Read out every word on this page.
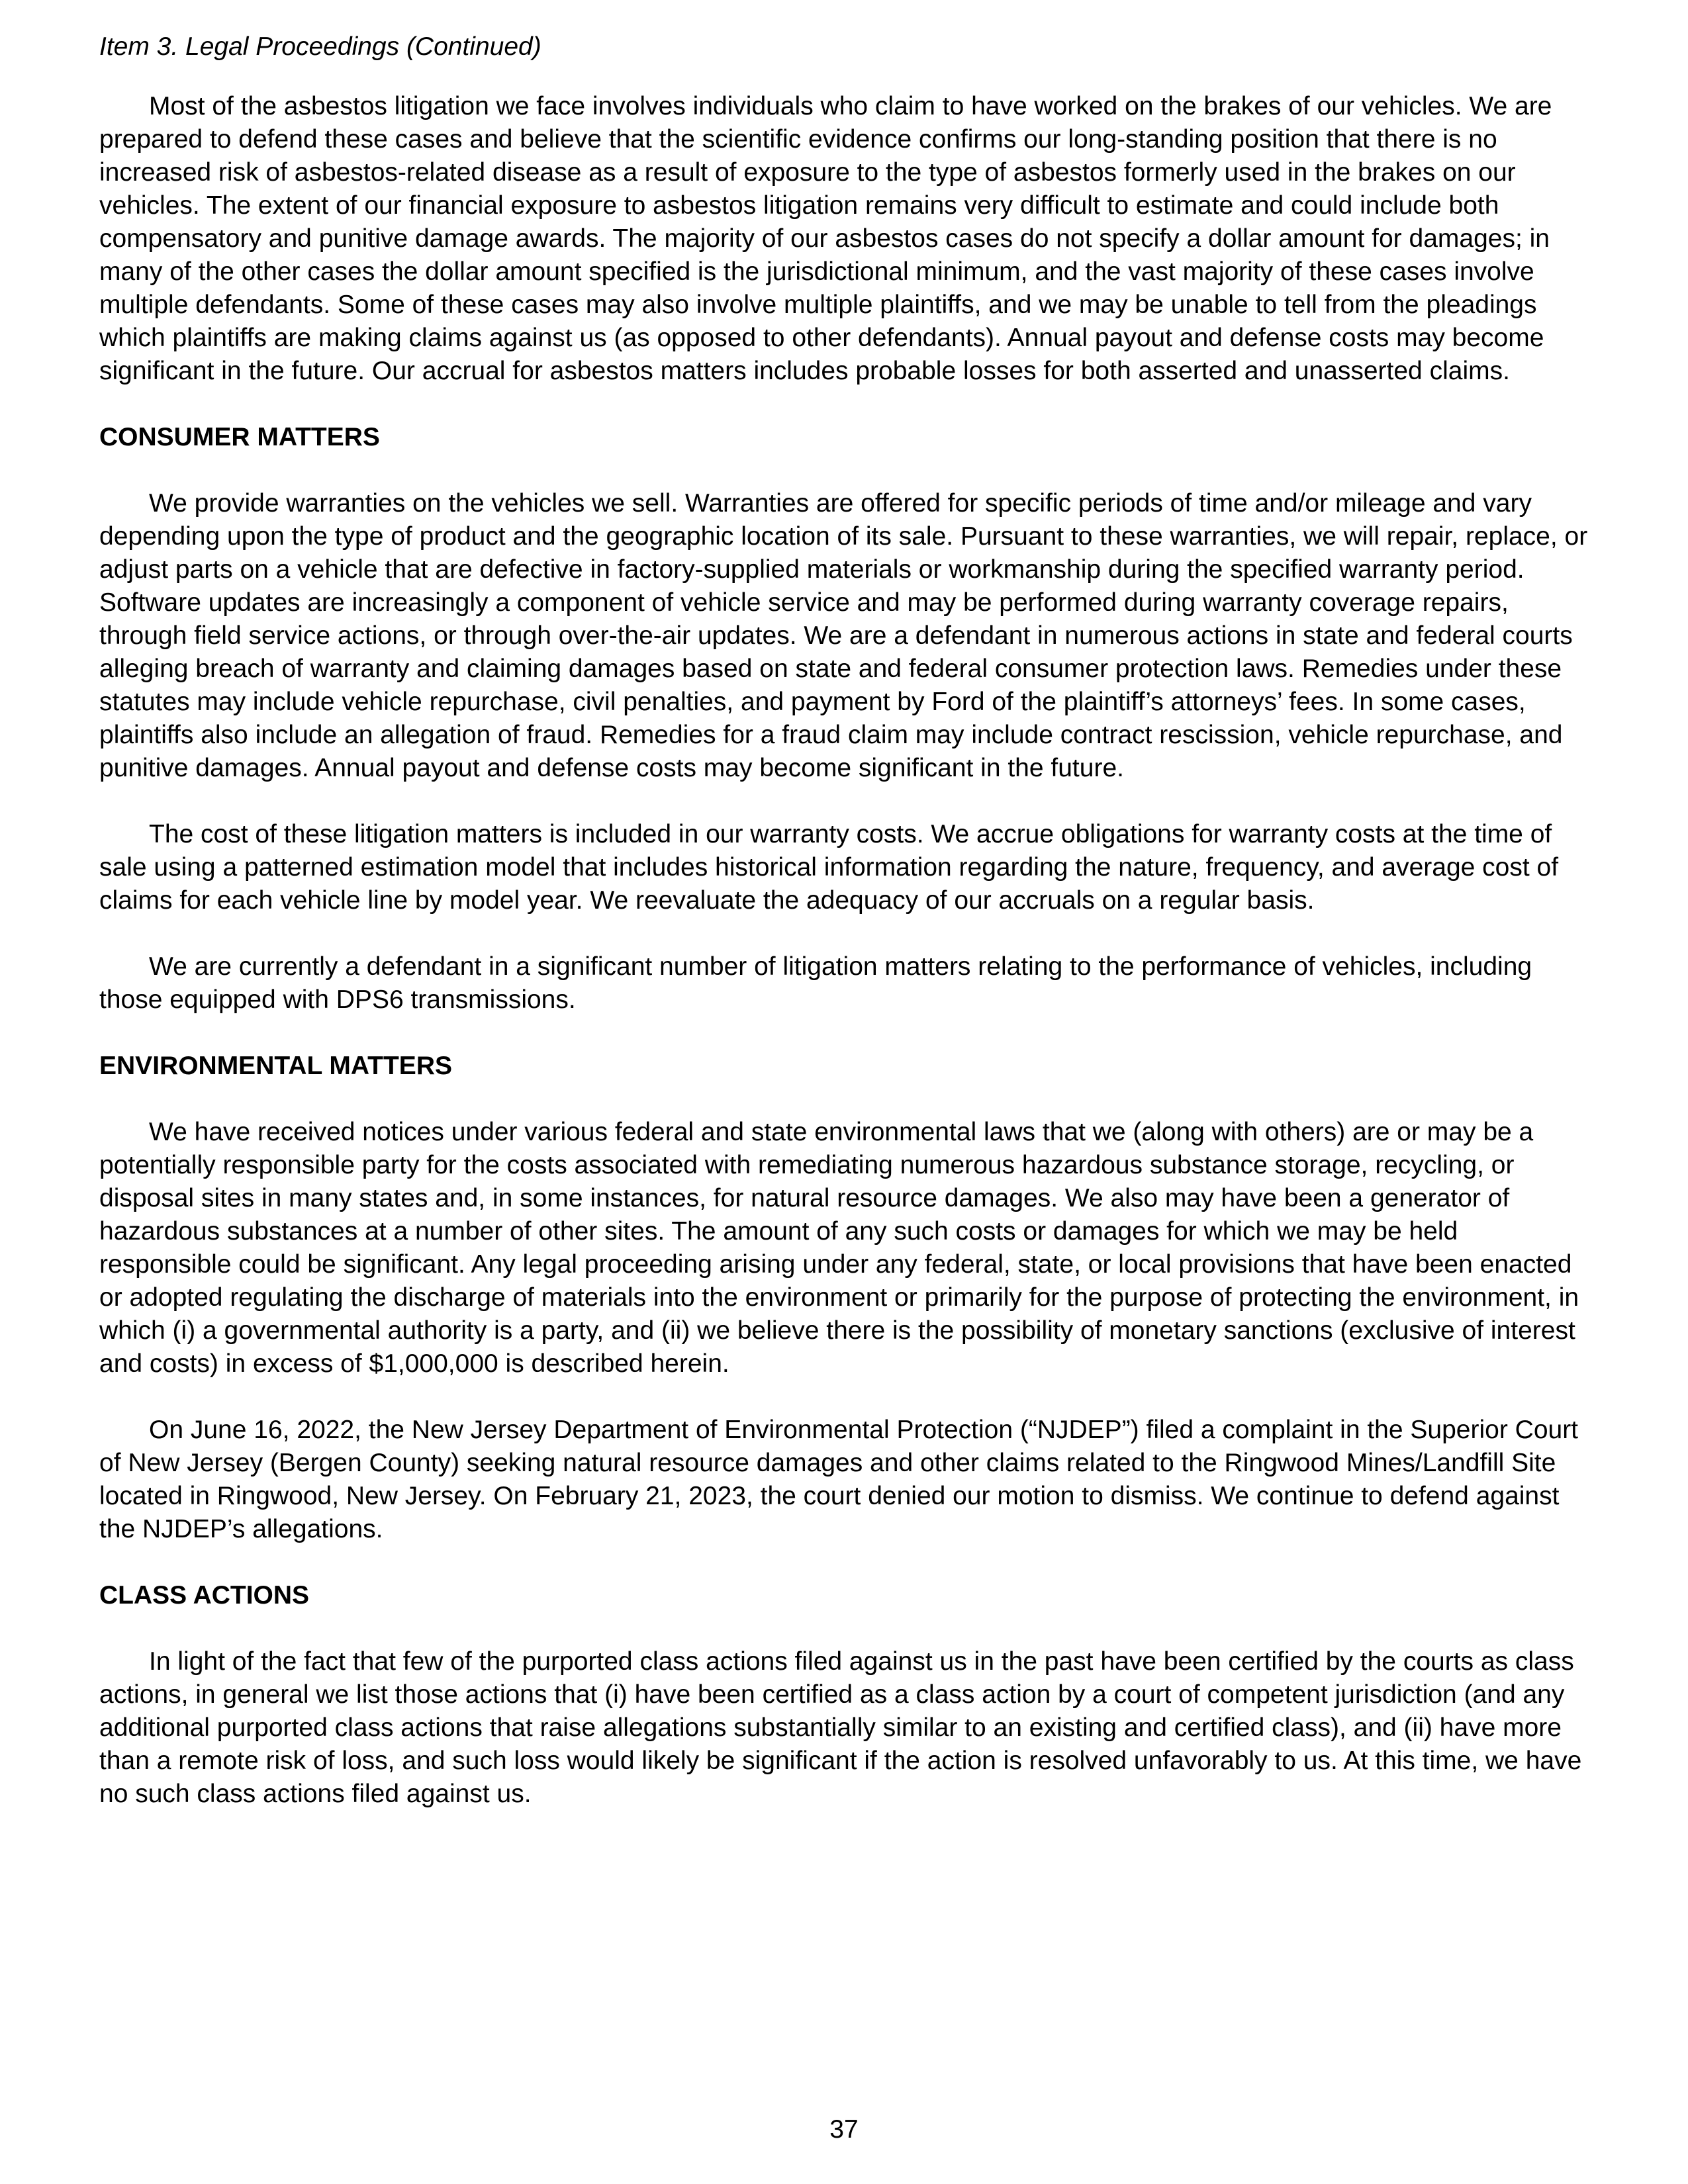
Item 3. Legal Proceedings (Continued)

Most of the asbestos litigation we face involves individuals who claim to have worked on the brakes of our vehicles. We are prepared to defend these cases and believe that the scientific evidence confirms our long-standing position that there is no increased risk of asbestos-related disease as a result of exposure to the type of asbestos formerly used in the brakes on our vehicles. The extent of our financial exposure to asbestos litigation remains very difficult to estimate and could include both compensatory and punitive damage awards. The majority of our asbestos cases do not specify a dollar amount for damages; in many of the other cases the dollar amount specified is the jurisdictional minimum, and the vast majority of these cases involve multiple defendants. Some of these cases may also involve multiple plaintiffs, and we may be unable to tell from the pleadings which plaintiffs are making claims against us (as opposed to other defendants). Annual payout and defense costs may become significant in the future. Our accrual for asbestos matters includes probable losses for both asserted and unasserted claims.

CONSUMER MATTERS

We provide warranties on the vehicles we sell. Warranties are offered for specific periods of time and/or mileage and vary depending upon the type of product and the geographic location of its sale. Pursuant to these warranties, we will repair, replace, or adjust parts on a vehicle that are defective in factory-supplied materials or workmanship during the specified warranty period. Software updates are increasingly a component of vehicle service and may be performed during warranty coverage repairs, through field service actions, or through over-the-air updates. We are a defendant in numerous actions in state and federal courts alleging breach of warranty and claiming damages based on state and federal consumer protection laws. Remedies under these statutes may include vehicle repurchase, civil penalties, and payment by Ford of the plaintiff’s attorneys’ fees. In some cases, plaintiffs also include an allegation of fraud. Remedies for a fraud claim may include contract rescission, vehicle repurchase, and punitive damages. Annual payout and defense costs may become significant in the future.

The cost of these litigation matters is included in our warranty costs. We accrue obligations for warranty costs at the time of sale using a patterned estimation model that includes historical information regarding the nature, frequency, and average cost of claims for each vehicle line by model year. We reevaluate the adequacy of our accruals on a regular basis.

We are currently a defendant in a significant number of litigation matters relating to the performance of vehicles, including those equipped with DPS6 transmissions.

ENVIRONMENTAL MATTERS

We have received notices under various federal and state environmental laws that we (along with others) are or may be a potentially responsible party for the costs associated with remediating numerous hazardous substance storage, recycling, or disposal sites in many states and, in some instances, for natural resource damages. We also may have been a generator of hazardous substances at a number of other sites. The amount of any such costs or damages for which we may be held responsible could be significant. Any legal proceeding arising under any federal, state, or local provisions that have been enacted or adopted regulating the discharge of materials into the environment or primarily for the purpose of protecting the environment, in which (i) a governmental authority is a party, and (ii) we believe there is the possibility of monetary sanctions (exclusive of interest and costs) in excess of $1,000,000 is described herein.

On June 16, 2022, the New Jersey Department of Environmental Protection (“NJDEP”) filed a complaint in the Superior Court of New Jersey (Bergen County) seeking natural resource damages and other claims related to the Ringwood Mines/Landfill Site located in Ringwood, New Jersey. On February 21, 2023, the court denied our motion to dismiss. We continue to defend against the NJDEP’s allegations.

CLASS ACTIONS

In light of the fact that few of the purported class actions filed against us in the past have been certified by the courts as class actions, in general we list those actions that (i) have been certified as a class action by a court of competent jurisdiction (and any additional purported class actions that raise allegations substantially similar to an existing and certified class), and (ii) have more than a remote risk of loss, and such loss would likely be significant if the action is resolved unfavorably to us. At this time, we have no such class actions filed against us.

37
